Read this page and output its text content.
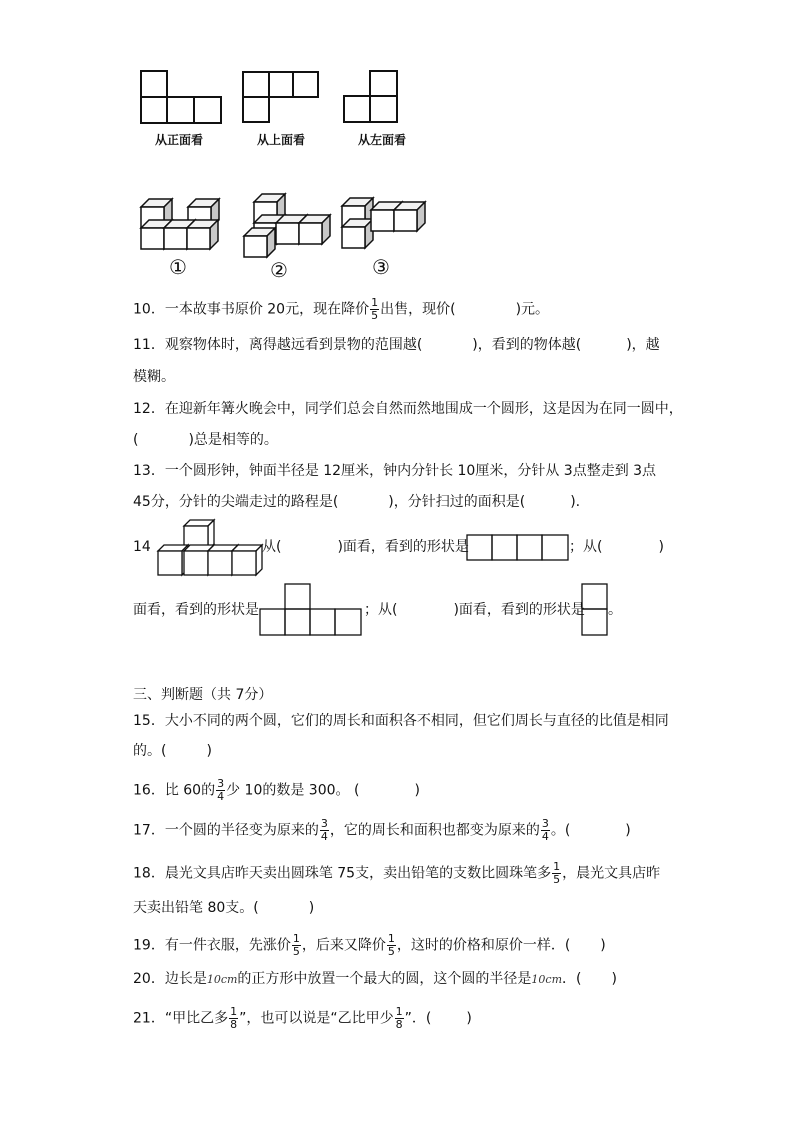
从正面看	从上面看	从左面看
①	②	③
10．一本故事书原价 20元，现在降价 $\frac{1}{5}$ 出售，现价(	)元。
11．观察物体时，离得越远看到景物的范围越(	)，看到的物体越(	)，越
模糊。
12．在迎新年篝火晚会中，同学们总会自然而然地围成一个圆形，这是因为在同一圆中，
(	)总是相等的。
13．一个圆形钟，钟面半径是 12厘米，钟内分针长 10厘米，分针从 3点整走到 3点
45分，分针的尖端走过的路程是(	)，分针扫过的面积是(	).
14	从(	)面看，看到的形状是	；从(	)
面看，看到的形状是	；从(	)面看，看到的形状是 。
三、判断题（共 7分）
15．大小不同的两个圆，它们的周长和面积各不相同，但它们周长与直径的比值是相同
的。(	)
16．比 60的 $\frac{3}{4}$ 少 10的数是 300。 (	)
17．一个圆的半径变为原来的 $\frac{3}{4}$ ，它的周长和面积也都变为原来的 $\frac{3}{4}$ 。(	)
18．晨光文具店昨天卖出圆珠笔 75支，卖出铅笔的支数比圆珠笔多 $\frac{1}{5}$ ，晨光文具店昨
天卖出铅笔 80支。(	)
19．有一件衣服，先涨价 $\frac{1}{5}$ ，后来又降价 $\frac{1}{5}$ ，这时的价格和原价一样．( )
20．边长是10cm的正方形中放置一个最大的圆，这个圆的半径是10cm．( )
21．“甲比乙多 $\frac{1}{8}$ ”，也可以说是“乙比甲少 $\frac{1}{8}$ ”．(	)
